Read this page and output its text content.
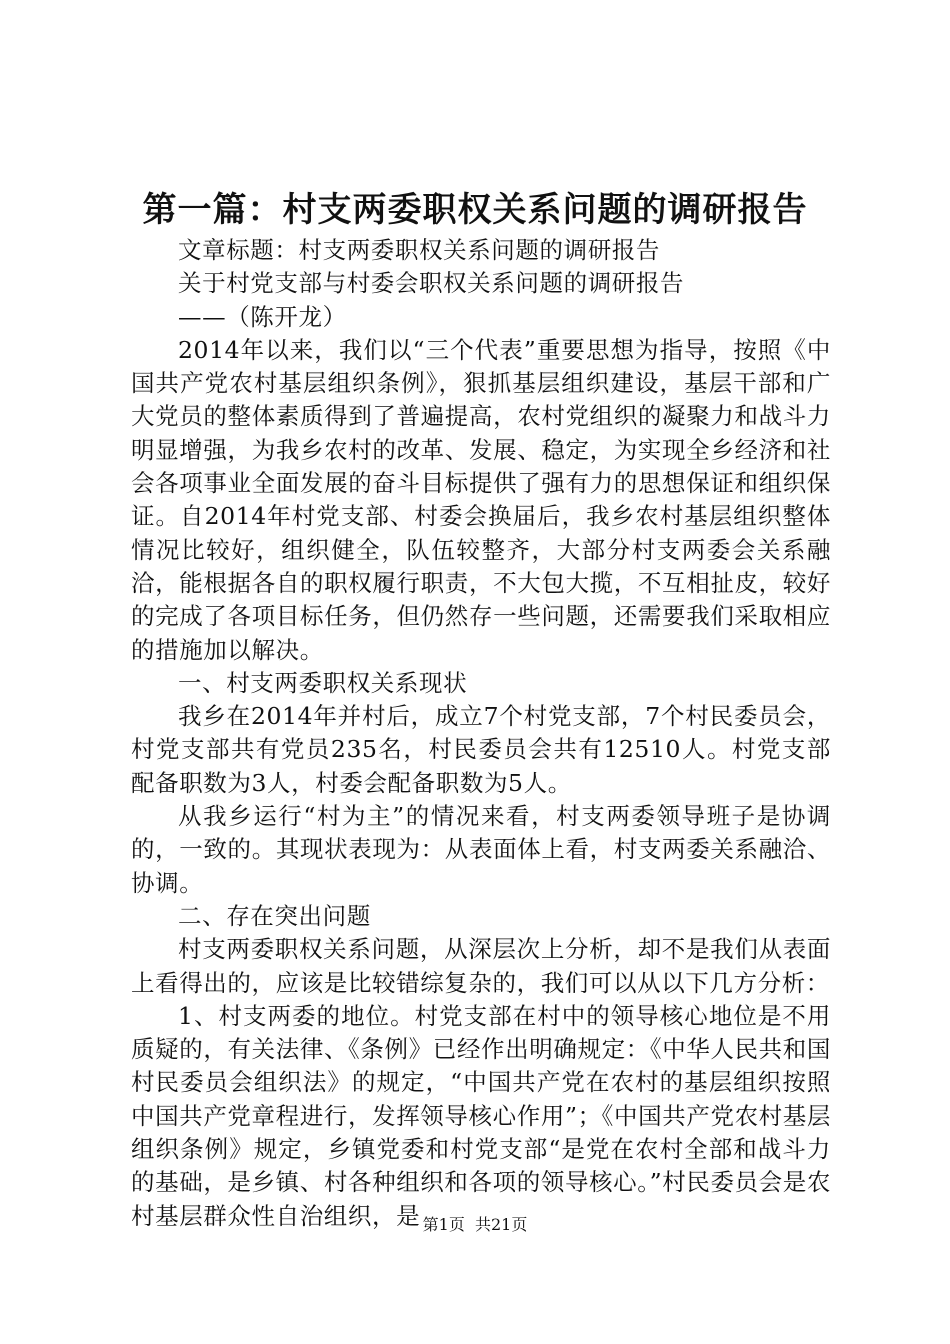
第一篇：村支两委职权关系问题的调研报告

文章标题：村支两委职权关系问题的调研报告

关于村党支部与村委会职权关系问题的调研报告

——（陈开龙）

2014年以来，我们以“三个代表”重要思想为指导，按照《中国共产党农村基层组织条例》，狠抓基层组织建设，基层干部和广大党员的整体素质得到了普遍提高，农村党组织的凝聚力和战斗力明显增强，为我乡农村的改革、发展、稳定，为实现全乡经济和社会各项事业全面发展的奋斗目标提供了强有力的思想保证和组织保证。自2014年村党支部、村委会换届后，我乡农村基层组织整体情况比较好，组织健全，队伍较整齐，大部分村支两委会关系融洽，能根据各自的职权履行职责，不大包大揽，不互相扯皮，较好的完成了各项目标任务，但仍然存一些问题，还需要我们采取相应的措施加以解决。

一、村支两委职权关系现状

我乡在2014年并村后，成立7个村党支部，7个村民委员会，村党支部共有党员235名，村民委员会共有12510人。村党支部配备职数为3人，村委会配备职数为5人。

从我乡运行“村为主”的情况来看，村支两委领导班子是协调的，一致的。其现状表现为：从表面体上看，村支两委关系融洽、协调。

二、存在突出问题

村支两委职权关系问题，从深层次上分析，却不是我们从表面上看得出的，应该是比较错综复杂的，我们可以从以下几方分析：

1、村支两委的地位。村党支部在村中的领导核心地位是不用质疑的，有关法律、《条例》已经作出明确规定：《中华人民共和国村民委员会组织法》的规定，“中国共产党在农村的基层组织按照中国共产党章程进行，发挥领导核心作用”；《中国共产党农村基层组织条例》规定，乡镇党委和村党支部“是党在农村全部和战斗力的基础，是乡镇、村各种组织和各项的领导核心。”村民委员会是农村基层群众性自治组织，是 第1页  共21页
